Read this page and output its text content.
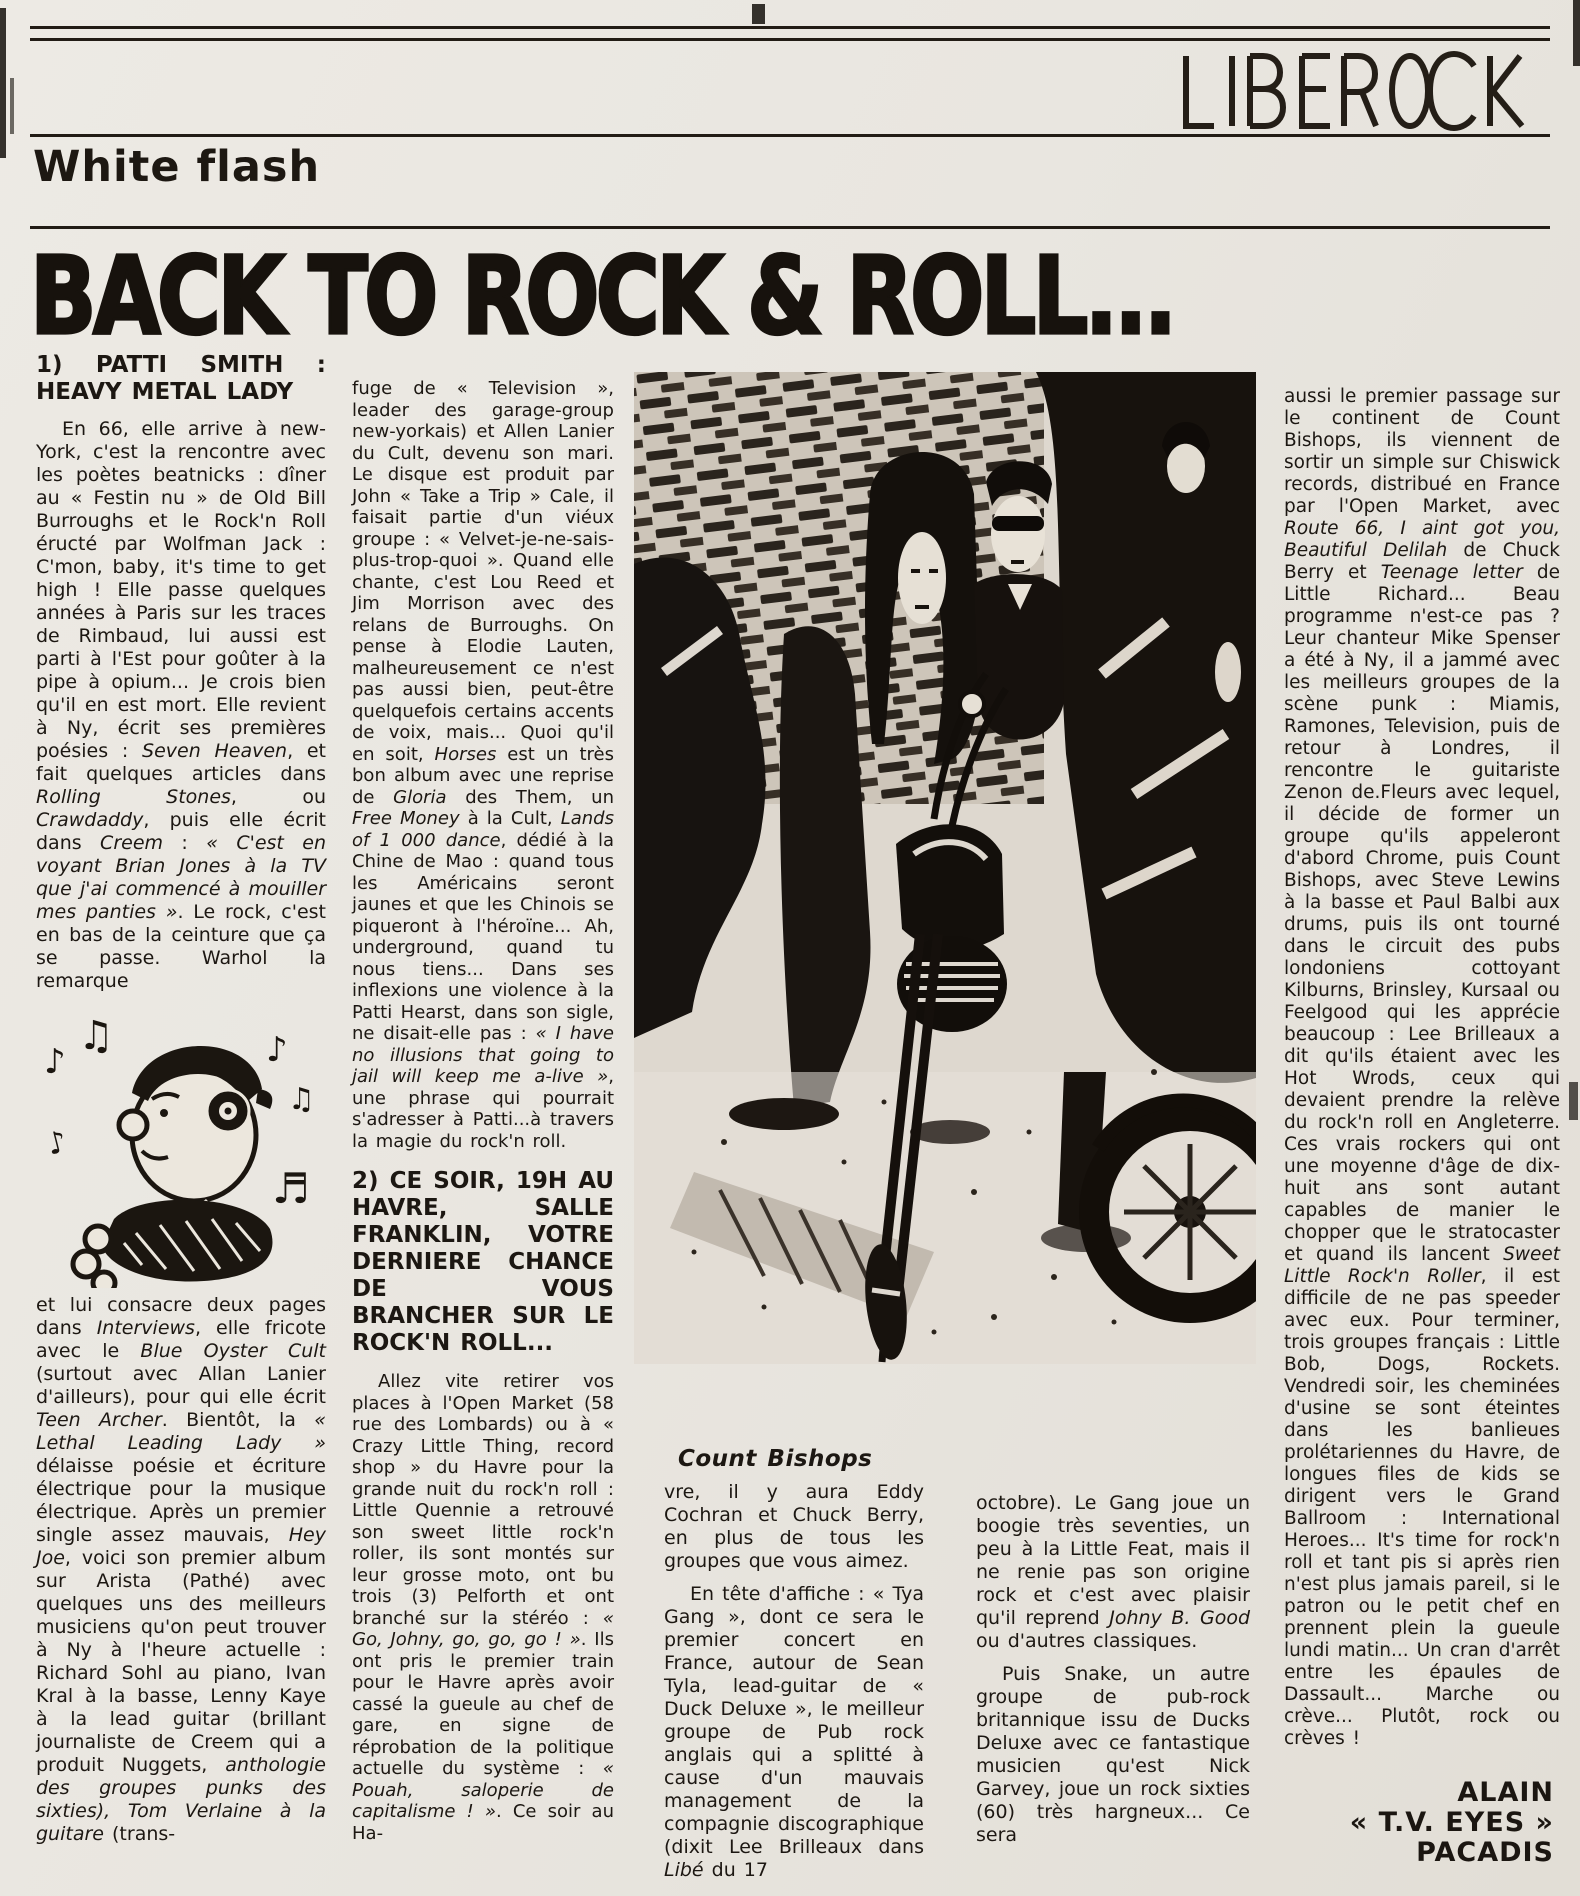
White flash
BACK TO ROCK & ROLL...
1) PATTI SMITH :
HEAVY METAL LADY

En 66, elle arrive à new-York, c'est la rencontre avec les poètes beatnicks : dîner au « Festin nu » de Old Bill Burroughs et le Rock'n Roll éructé par Wolfman Jack : C'mon, baby, it's time to get high ! Elle passe quelques années à Paris sur les traces de Rimbaud, lui aussi est parti à l'Est pour goûter à la pipe à opium... Je crois bien qu'il en est mort. Elle revient à Ny, écrit ses premières poésies : Seven Heaven, et fait quelques articles dans Rolling Stones, ou Crawdaddy, puis elle écrit dans Creem : « C'est en voyant Brian Jones à la TV que j'ai commencé à mouiller mes panties ». Le rock, c'est en bas de la ceinture que ça se passe. Warhol la remarque

♪
♫
♪
♪
♫
♬

et lui consacre deux pages dans Interviews, elle fricote avec le Blue Oyster Cult (surtout avec Allan Lanier d'ailleurs), pour qui elle écrit Teen Archer. Bientôt, la « Lethal Leading Lady » délaisse poésie et écriture électrique pour la musique électrique. Après un premier single assez mauvais, Hey Joe, voici son premier album sur Arista (Pathé) avec quelques uns des meilleurs musiciens qu'on peut trouver à Ny à l'heure actuelle : Richard Sohl au piano, Ivan Kral à la basse, Lenny Kaye à la lead guitar (brillant journaliste de Creem qui a produit Nuggets, anthologie des groupes punks des sixties), Tom Verlaine à la guitare (trans-

fuge de « Television », leader des garage-group new-yorkais) et Allen Lanier du Cult, devenu son mari. Le disque est produit par John « Take a Trip » Cale, il faisait partie d'un viéux groupe : « Velvet-je-ne-sais-plus-trop-quoi ». Quand elle chante, c'est Lou Reed et Jim Morrison avec des relans de Burroughs. On pense à Elodie Lauten, malheureusement ce n'est pas aussi bien, peut-être quelquefois certains accents de voix, mais... Quoi qu'il en soit, Horses est un très bon album avec une reprise de Gloria des Them, un Free Money à la Cult, Lands of 1 000 dance, dédié à la Chine de Mao : quand tous les Américains seront jaunes et que les Chinois se piqueront à l'héroïne... Ah, underground, quand tu nous tiens... Dans ses inflexions une violence à la Patti Hearst, dans son sigle, ne disait-elle pas : « I have no illusions that going to jail will keep me a-live », une phrase qui pourrait s'adresser à Patti...à travers la magie du rock'n roll.

2) CE SOIR, 19H AU HAVRE, SALLE FRANKLIN, VOTRE DERNIERE CHANCE DE VOUS BRANCHER SUR LE ROCK'N ROLL...

Allez vite retirer vos places à l'Open Market (58 rue des Lombards) ou à « Crazy Little Thing, record shop » du Havre pour la grande nuit du rock'n roll : Little Quennie a retrouvé son sweet little rock'n roller, ils sont montés sur leur grosse moto, ont bu trois (3) Pelforth et ont branché sur la stéréo : « Go, Johny, go, go, go ! ». Ils ont pris le premier train pour le Havre après avoir cassé la gueule au chef de gare, en signe de réprobation de la politique actuelle du système : « Pouah, saloperie de capitalisme ! ». Ce soir au Ha-

Count Bishops

vre, il y aura Eddy Cochran et Chuck Berry, en plus de tous les groupes que vous aimez.

En tête d'affiche : « Tya Gang », dont ce sera le premier concert en France, autour de Sean Tyla, lead-guitar de « Duck Deluxe », le meilleur groupe de Pub rock anglais qui a splitté à cause d'un mauvais management de la compagnie discographique (dixit Lee Brilleaux dans Libé du 17

octobre). Le Gang joue un boogie très seventies, un peu à la Little Feat, mais il ne renie pas son origine rock et c'est avec plaisir qu'il reprend Johny B. Good ou d'autres classiques.

Puis Snake, un autre groupe de pub-rock britannique issu de Ducks Deluxe avec ce fantastique musicien qu'est Nick Garvey, joue un rock sixties (60) très hargneux... Ce sera

aussi le premier passage sur le continent de Count Bishops, ils viennent de sortir un simple sur Chiswick records, distribué en France par l'Open Market, avec Route 66, I aint got you, Beautiful Delilah de Chuck Berry et Teenage letter de Little Richard... Beau programme n'est-ce pas ? Leur chanteur Mike Spenser a été à Ny, il a jammé avec les meilleurs groupes de la scène punk : Miamis, Ramones, Television, puis de retour à Londres, il rencontre le guitariste Zenon de.Fleurs avec lequel, il décide de former un groupe qu'ils appeleront d'abord Chrome, puis Count Bishops, avec Steve Lewins à la basse et Paul Balbi aux drums, puis ils ont tourné dans le circuit des pubs londoniens cottoyant Kilburns, Brinsley, Kursaal ou Feelgood qui les apprécie beaucoup : Lee Brilleaux a dit qu'ils étaient avec les Hot Wrods, ceux qui devaient prendre la relève du rock'n roll en Angleterre. Ces vrais rockers qui ont une moyenne d'âge de dix-huit ans sont autant capables de manier le chopper que le stratocaster et quand ils lancent Sweet Little Rock'n Roller, il est difficile de ne pas speeder avec eux. Pour terminer, trois groupes français : Little Bob, Dogs, Rockets. Vendredi soir, les cheminées d'usine se sont éteintes dans les banlieues prolétariennes du Havre, de longues files de kids se dirigent vers le Grand Ballroom : International Heroes... It's time for rock'n roll et tant pis si après rien n'est plus jamais pareil, si le patron ou le petit chef en prennent plein la gueule lundi matin... Un cran d'arrêt entre les épaules de Dassault... Marche ou crève... Plutôt, rock ou crèves !

ALAIN
« T.V. EYES »
PACADIS
